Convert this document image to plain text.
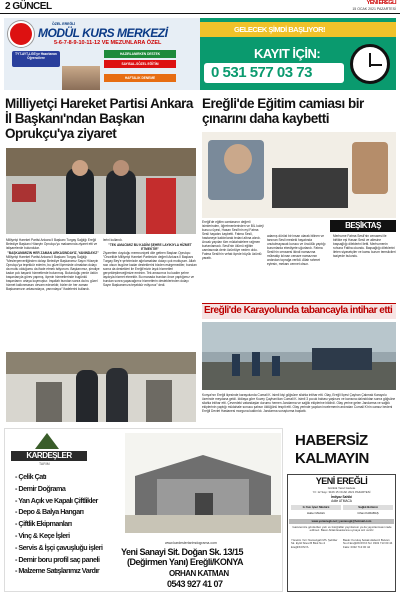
2 GÜNCEL	YENİ EREĞLİ
15 OCAK 2021 PAZARTESİ
ÖZEL EREĞLİ
MODÜL KURS MERKEZİ
5-6-7-8-9-10-11-12 VE MEZUNLARA ÖZEL
TYT-AYT-LGS'ye Hazırlanan Öğrencilere
HAZIRLANIRKEN DESTEK
SAYISAL-SÖZEL EĞİTİM
HAFTALIK DENEME
GELECEK ŞİMDİ BAŞLIYOR!
KAYIT İÇİN:
0 531 577 03 73
Milliyetçi Hareket Partisi Ankara İl Başkanı'ndan Başkan Oprukçu'ya ziyaret

Milliyetçi Hareket Partisi Ankara İl Başkanı Turgay Sağlığı Ereğli Belediye Başkanı Hüseyin Oprukçu'yu makamında ziyaret etti ve istişarelerde bulundular.

"BAŞKANIMIZIN HER ZAMAN ARKASINDAYIZ, YANINDAYIZ"

Milliyetçi Hareket Partisi Ankara İl Başkanı Turgay Sağlığı "Meslerperverliğinden dolayı Belediye Başkanımız Sayın Hüseyin Oprukçu'ya teşekkür ederim, bu güzel ilçemizde olmaktan dolayı da mutlu olduğumu da ifade etmek istiyorum. Başkanımız, şimdiye kadar çok başarılı hizmetlerde bulunmuş. Bulunduğu yerde üstün başarılarıyla görev yapmış, ilçenin hizmetlerinde bugünkü başarılarını ortaya koymuştur. İnşallah bundan sonra da bu güzel hizmet kalkınmasını devam edecektir, bizler de her zaman Başkanımızın arkasındayız, yanındayız" ifadelerini kullandı.

lerini kullandı.

"TEK AMACIMIZ BU KADİM ŞEHRE LAYIKIYLA HİZMET ETMEKTİR"

Ziyaretten duyduğu memnuniyeti dile getiren Başkan Oprukçu: "Öncelikle Milliyetçi Hareket Partimizin değerli Ankara İl Başkanı Turgay Bey'e şehrimizde ağırlamaktan dolayı çok mutluyum. Allah razı olsun bugüne kadar desteklerini bizden esirgemediler, bundan sonra da destekleri ile Ereğli'mizin layık hizmetleri gerçekleştireceğimize eminim. Tek amacımız bu kadim şehre layıkıyla hizmet etmektir. Bu manada bundan önce yaptığımız ve bundan sonra yapacağımız hizmetlerin desteklerinden dolayı Sayın Başkanımıza teşekkür ediyoruz" dedi.

Ereğli'de Eğitim camiası bir çınarını daha kaybetti
BEŞİKTAŞ
Ereğli'de eğitim camiasının değerli isimlerinden, öğretmenlerinden ve BİL koleji kurucu üyesi, Hasan Sesli'nin eşi Fatma Sesli hayatını kaybetti. Fatma Sesli, hastaneye kaldırılarak tedavi altına alındı. Ancak yapılan tüm müdahalelere rağmen kurtarılamadı. Sesli'nin ölümü eğitim camiasında derin üzüntüye neden oldu. Fatma Sesli'nin vefatı ilçede büyük üzüntü yarattı.
adamış dürüst bir insan olarak bilinen ve tanınan Sesli mesleki hayatında unutulmayacak kurucu ve öncülük yaptığı kurumlarda ebediyete uğurlandı. Fatma Sesli'nin cenazesi ikindi namazına müteakip kılınan cenaze namazının ardından toprağa verildi. Allah rahmet eylesin, mekanı cennet olsun.
Merhume Fatma Sesli'nin cenazesi ile birlikte eşi Hasan Sesli ve ailesine başsağlığı dileklerini iletti. Merhumenin ruhuna Fatiha okundu. Başsağlığı dileklerini ileten siyasetçiler ve kamu kurum temsilcileri taziyede bulundu.
Ereğli'de Karayolunda tabancayla intihar etti
Konya'nın Ereğli ilçesinde karayolunda Cumali K. isimli kişi göğsüne silahla intihar etti. Olay, Ereğli İlçesi Çayhan Çakmak Karayolu üzerinde meydana geldi. İddiaya göre Kuzey Çayhan'dan Cumali K. isimli 3 çocuk babası yaşlısını ve karısına dalındıktan sonra göğsüne silahla intihar etti. Çevredeki vatandaşlar durumu hemen Jandarma ve sağlık ekiplerine bildirdi. Olay yerine gelen Jandarma ve sağlık ekiplerinin yaptığı müdahale sonucu şahsın öldüğünü tespit etti. Olay yerinde yapılan incelemenin ardından Cumali K'nin cansız bedeni Ereğli Devlet Hastanesi morguna kaldırıldı. Jandarma soruşturma başlattı.
KARDEŞLER
TARIM
- Çelik Çatı
- Demir Doğrama
- Yan Açık ve Kapalı Çiftlikler
- Depo & Balya Hangarı
- Çiftlik Ekipmanları
- Vinç & Keçe İşleri
- Servis & İşçi çavuşluğu işleri
- Demir boru profil saç paneli
- Malzeme Satışlarımız Vardır
www.kardeslertarimdograma.com
Yeni Sanayi Sit. Doğan Sk. 13/15
(Değirmen Yanı) Ereğli/KONYA
ORHAN KATMAN
0543 927 41 07
HABERSİZ
KALMAYIN
YENİ EREĞLİ
Günlük Yerel Gazete
Yıl: 12 Sayı: 3106 15 OCAK 2021 PAZARTESİ
İmtiyaz Sahibi
Adile ATMACA
G.Yazı İşleri Müdürü	Sağlık Bölümü
Haber Müdürü	Cihan KARABAŞ
www.yeniereglı.net | yeniereglı@hotmail.com
Gazetemize gönderilen yazı ve fotoğraflar yayınlansın ya da yayınlanmasın iade edilmez. Basın Ahlak Esaslarına uymaya söz veririz.
Yönetim Yeri: Namazgah Mh. Şehitler Sk. Eylül Sitesi B Blok No:4 Ereğli/KONYA
Baskı: Kuruluş Sokak Akdeniz Bulvarı No:2 Ereğli/KONYA Tel: 0332 713 00 44 Faks: 0332 713 00 44
